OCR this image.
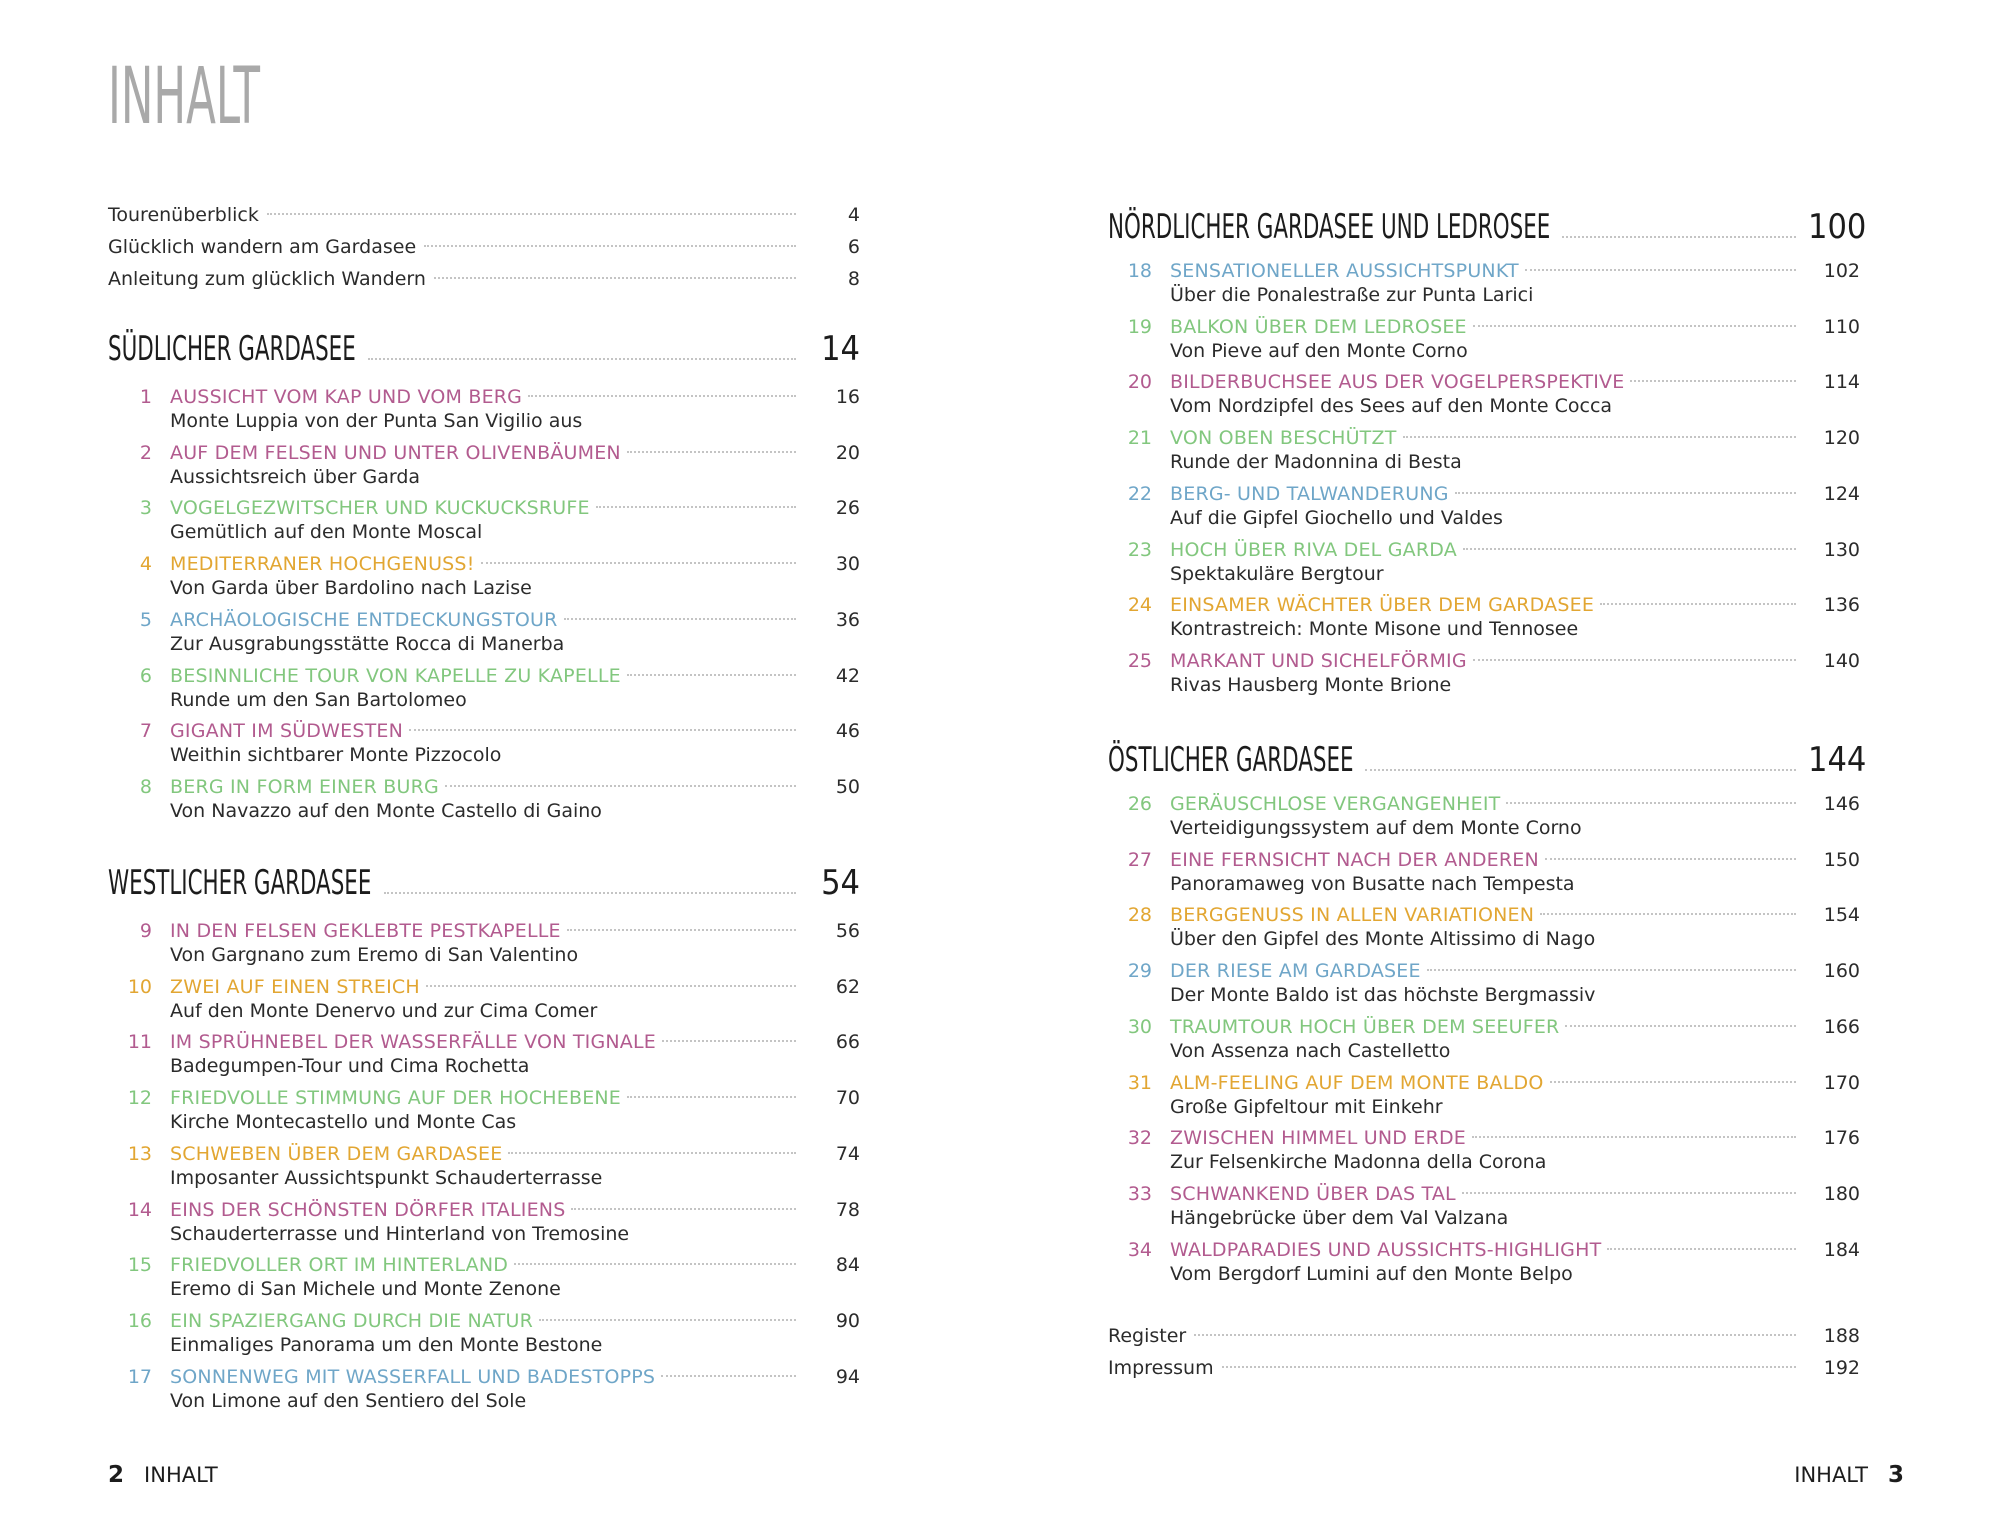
INHALT
Tourenüberblick	4
Glücklich wandern am Gardasee	6
Anleitung zum glücklich Wandern	8
SÜDLICHER GARDASEE	14
1 AUSSICHT VOM KAP UND VOM BERG	16
Monte Luppia von der Punta San Vigilio aus
2 AUF DEM FELSEN UND UNTER OLIVENBÄUMEN	20
Aussichtsreich über Garda
3 VOGELGEZWITSCHER UND KUCKUCKSRUFE	26
Gemütlich auf den Monte Moscal
4 MEDITERRANER HOCHGENUSS!	30
Von Garda über Bardolino nach Lazise
5 ARCHÄOLOGISCHE ENTDECKUNGSTOUR	36
Zur Ausgrabungsstätte Rocca di Manerba
6 BESINNLICHE TOUR VON KAPELLE ZU KAPELLE	42
Runde um den San Bartolomeo
7 GIGANT IM SÜDWESTEN	46
Weithin sichtbarer Monte Pizzocolo
8 BERG IN FORM EINER BURG	50
Von Navazzo auf den Monte Castello di Gaino
WESTLICHER GARDASEE	54
9 IN DEN FELSEN GEKLEBTE PESTKAPELLE	56
Von Gargnano zum Eremo di San Valentino
10 ZWEI AUF EINEN STREICH	62
Auf den Monte Denervo und zur Cima Comer
11 IM SPRÜHNEBEL DER WASSERFÄLLE VON TIGNALE	66
Badegumpen-Tour und Cima Rochetta
12 FRIEDVOLLE STIMMUNG AUF DER HOCHEBENE	70
Kirche Montecastello und Monte Cas
13 SCHWEBEN ÜBER DEM GARDASEE	74
Imposanter Aussichtspunkt Schauderterrasse
14 EINS DER SCHÖNSTEN DÖRFER ITALIENS	78
Schauderterrasse und Hinterland von Tremosine
15 FRIEDVOLLER ORT IM HINTERLAND	84
Eremo di San Michele und Monte Zenone
16 EIN SPAZIERGANG DURCH DIE NATUR	90
Einmaliges Panorama um den Monte Bestone
17 SONNENWEG MIT WASSERFALL UND BADESTOPPS	94
Von Limone auf den Sentiero del Sole
NÖRDLICHER GARDASEE UND LEDROSEE	100
18 SENSATIONELLER AUSSICHTSPUNKT	102
Über die Ponalestraße zur Punta Larici
19 BALKON ÜBER DEM LEDROSEE	110
Von Pieve auf den Monte Corno
20 BILDERBUCHSEE AUS DER VOGELPERSPEKTIVE	114
Vom Nordzipfel des Sees auf den Monte Cocca
21 VON OBEN BESCHÜTZT	120
Runde der Madonnina di Besta
22 BERG- UND TALWANDERUNG	124
Auf die Gipfel Giochello und Valdes
23 HOCH ÜBER RIVA DEL GARDA	130
Spektakuläre Bergtour
24 EINSAMER WÄCHTER ÜBER DEM GARDASEE	136
Kontrastreich: Monte Misone und Tennosee
25 MARKANT UND SICHELFÖRMIG	140
Rivas Hausberg Monte Brione
ÖSTLICHER GARDASEE	144
26 GERÄUSCHLOSE VERGANGENHEIT	146
Verteidigungssystem auf dem Monte Corno
27 EINE FERNSICHT NACH DER ANDEREN	150
Panoramaweg von Busatte nach Tempesta
28 BERGGENUSS IN ALLEN VARIATIONEN	154
Über den Gipfel des Monte Altissimo di Nago
29 DER RIESE AM GARDASEE	160
Der Monte Baldo ist das höchste Bergmassiv
30 TRAUMTOUR HOCH ÜBER DEM SEEUFER	166
Von Assenza nach Castelletto
31 ALM-FEELING AUF DEM MONTE BALDO	170
Große Gipfeltour mit Einkehr
32 ZWISCHEN HIMMEL UND ERDE	176
Zur Felsenkirche Madonna della Corona
33 SCHWANKEND ÜBER DAS TAL	180
Hängebrücke über dem Val Valzana
34 WALDPARADIES UND AUSSICHTS-HIGHLIGHT	184
Vom Bergdorf Lumini auf den Monte Belpo
Register	188
Impressum	192
2 INHALT	INHALT 3
